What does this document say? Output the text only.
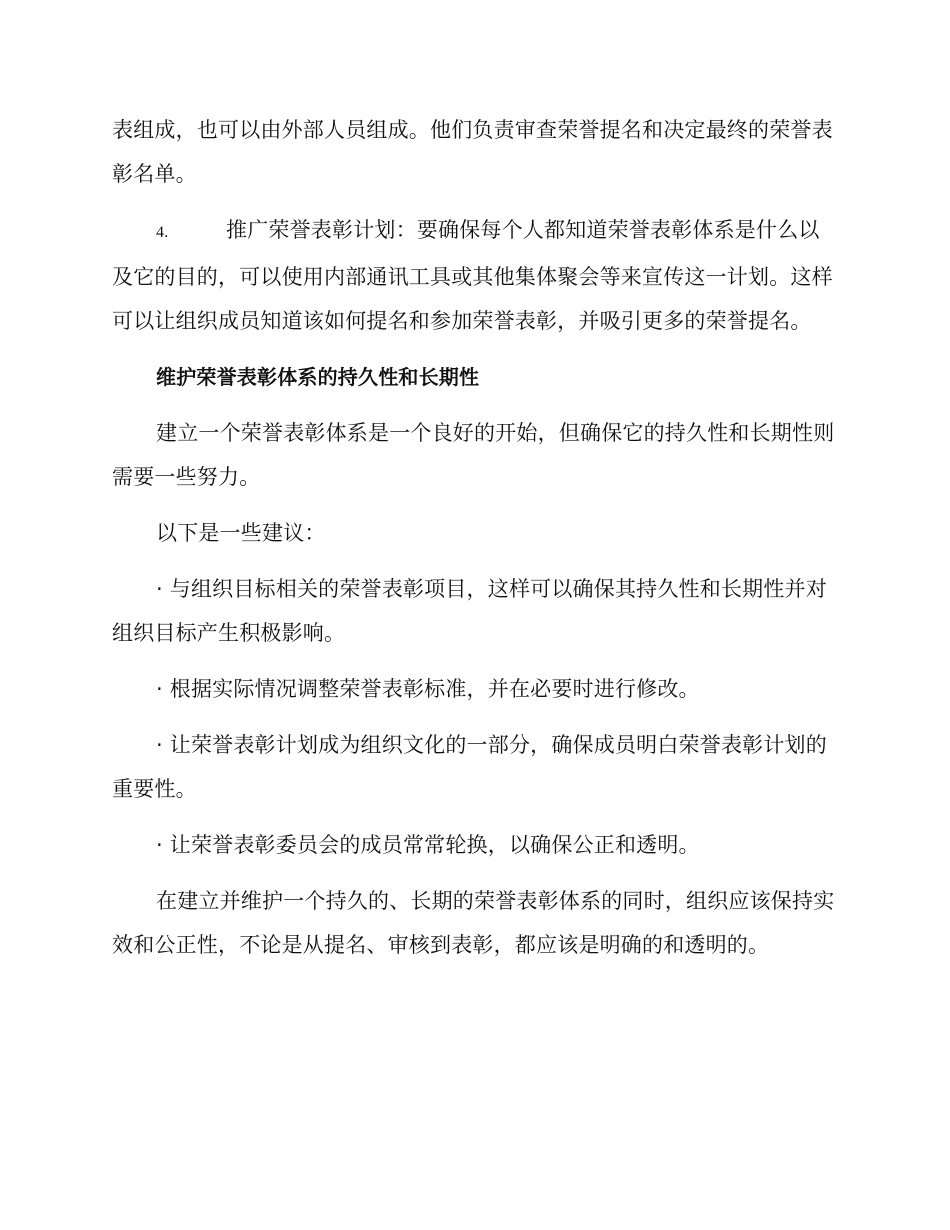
表组成，也可以由外部人员组成。他们负责审查荣誉提名和决定最终的荣誉表彰名单。

4.	推广荣誉表彰计划：要确保每个人都知道荣誉表彰体系是什么以及它的目的，可以使用内部通讯工具或其他集体聚会等来宣传这一计划。这样可以让组织成员知道该如何提名和参加荣誉表彰，并吸引更多的荣誉提名。

维护荣誉表彰体系的持久性和长期性

建立一个荣誉表彰体系是一个良好的开始，但确保它的持久性和长期性则需要一些努力。

以下是一些建议：

· 与组织目标相关的荣誉表彰项目，这样可以确保其持久性和长期性并对组织目标产生积极影响。

· 根据实际情况调整荣誉表彰标准，并在必要时进行修改。

· 让荣誉表彰计划成为组织文化的一部分，确保成员明白荣誉表彰计划的重要性。

· 让荣誉表彰委员会的成员常常轮换，以确保公正和透明。

在建立并维护一个持久的、长期的荣誉表彰体系的同时，组织应该保持实效和公正性，不论是从提名、审核到表彰，都应该是明确的和透明的。
